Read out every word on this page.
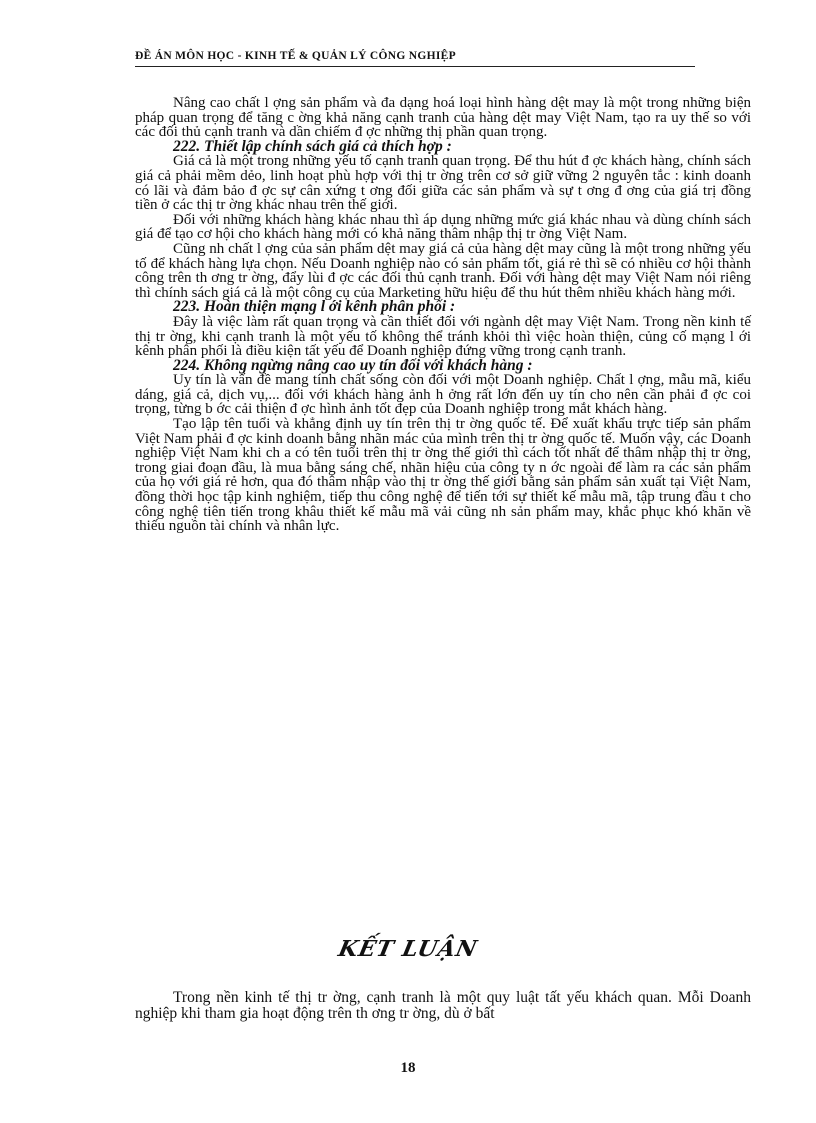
ĐỀ ÁN MÔN HỌC - KINH TẾ & QUẢN LÝ CÔNG NGHIỆP

Nâng cao chất l ợng sản phẩm và đa dạng hoá loại hình hàng dệt may là một trong những biện pháp quan trọng để tăng c ờng khả năng cạnh tranh của hàng dệt may Việt Nam, tạo ra uy thế so với các đối thủ cạnh tranh và dần chiếm đ ợc những thị phần quan trọng.

222. Thiết lập chính sách giá cả thích hợp :

Giá cả là một trong những yếu tố cạnh tranh quan trọng. Để thu hút đ ợc khách hàng, chính sách giá cả phải mềm dẻo, linh hoạt phù hợp với thị tr ờng trên cơ sở giữ vững 2 nguyên tắc : kinh doanh có lãi và đảm bảo đ ợc sự cân xứng t ơng đối giữa các sản phẩm và sự t ơng đ ơng của giá trị đồng tiền ở các thị tr ờng khác nhau trên thế giới.

Đối với những khách hàng khác nhau thì áp dụng những mức giá khác nhau và dùng chính sách giá để tạo cơ hội cho khách hàng mới có khả năng thâm nhập thị tr ờng Việt Nam.

Cũng nh chất l ợng của sản phẩm dệt may giá cả của hàng dệt may cũng là một trong những yếu tố để khách hàng lựa chọn. Nếu Doanh nghiệp nào có sản phẩm tốt, giá rẻ thì sẽ có nhiều cơ hội thành công trên th ơng tr ờng, đẩy lùi đ ợc các đối thủ cạnh tranh. Đối với hàng dệt may Việt Nam nói riêng thì chính sách giá cả là một công cụ của Marketing hữu hiệu để thu hút thêm nhiều khách hàng mới.

223. Hoàn thiện mạng l ới kênh phân phối :

Đây là việc làm rất quan trọng và cần thiết đối với ngành dệt may Việt Nam. Trong nền kinh tế thị tr ờng, khi cạnh tranh là một yếu tố không thể tránh khỏi thì việc hoàn thiện, củng cố mạng l ới kênh phân phối là điều kiện tất yếu để Doanh nghiệp đứng vững trong cạnh tranh.

224. Không ngừng nâng cao uy tín đối với khách hàng :

Uy tín là vấn đề mang tính chất sống còn đối với một Doanh nghiệp. Chất l ợng, mẫu mã, kiểu dáng, giá cả, dịch vụ,... đối với khách hàng ảnh h ởng rất lớn đến uy tín cho nên cần phải đ ợc coi trọng, từng b ớc cải thiện đ ợc hình ảnh tốt đẹp của Doanh nghiệp trong mắt khách hàng.

Tạo lập tên tuổi và khẳng định uy tín trên thị tr ờng quốc tế. Để xuất khẩu trực tiếp sản phẩm Việt Nam phải đ ợc kinh doanh bằng nhãn mác của mình trên thị tr ờng quốc tế. Muốn vậy, các Doanh nghiệp Việt Nam khi ch a có tên tuổi trên thị tr ờng thế giới thì cách tốt nhất để thâm nhập thị tr ờng, trong giai đoạn đầu, là mua bằng sáng chế, nhãn hiệu của công ty n ớc ngoài để làm ra các sản phẩm của họ với giá rẻ hơn, qua đó thâm nhập vào thị tr ờng thế giới bằng sản phẩm sản xuất tại Việt Nam, đồng thời học tập kinh nghiệm, tiếp thu công nghệ để tiến tới sự thiết kế mẫu mã, tập trung đầu t cho công nghệ tiên tiến trong khâu thiết kế mẫu mã vải cũng nh sản phẩm may, khắc phục khó khăn về thiếu nguồn tài chính và nhân lực.

KẾT LUẬN

Trong nền kinh tế thị tr ờng, cạnh tranh là một quy luật tất yếu khách quan. Mỗi Doanh nghiệp khi tham gia hoạt động trên th ơng tr ờng, dù ở bất

18
